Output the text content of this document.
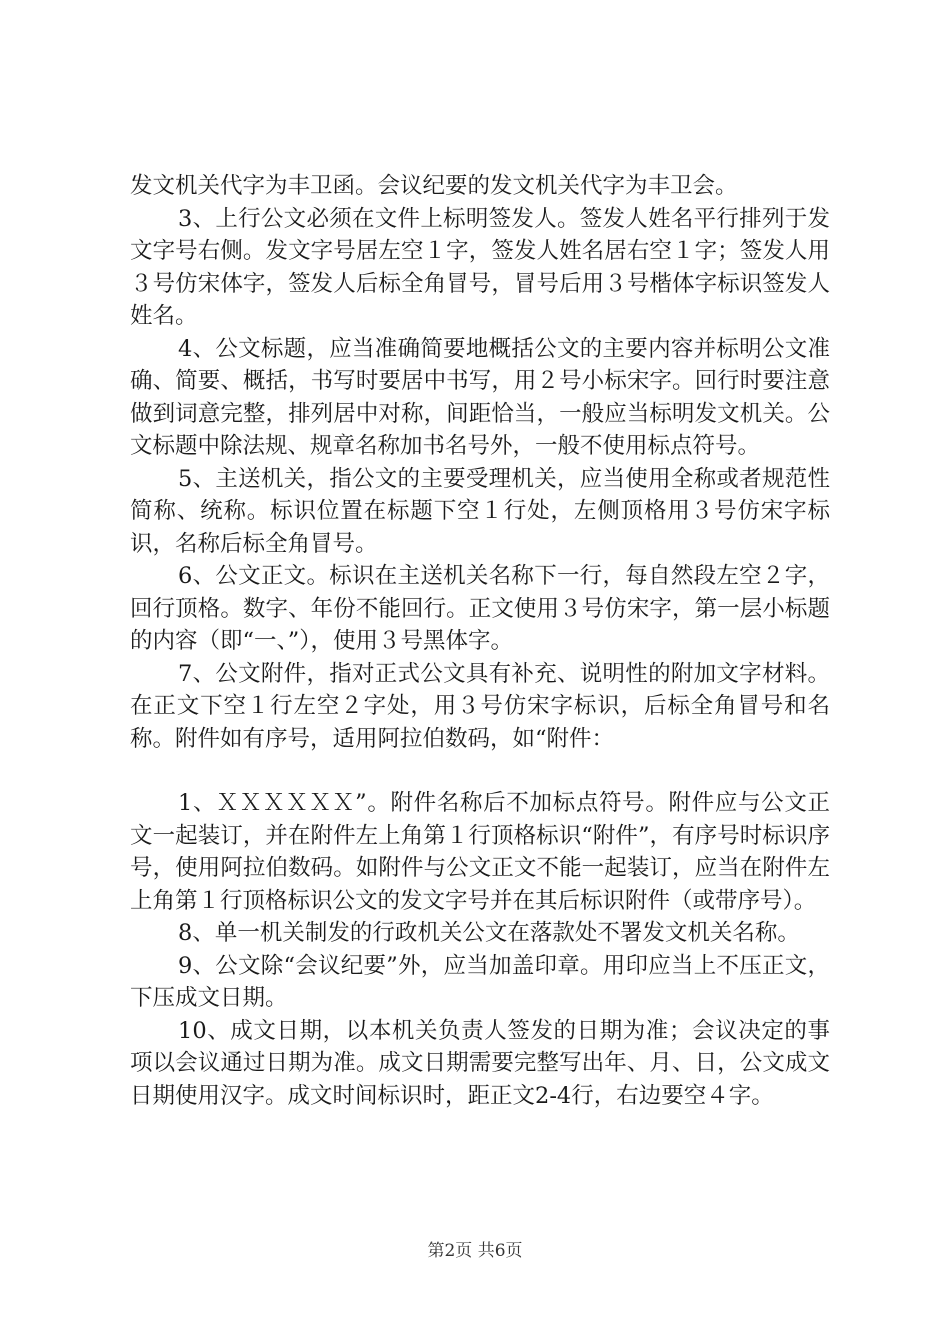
发文机关代字为丰卫函。会议纪要的发文机关代字为丰卫会。

3、上行公文必须在文件上标明签发人。签发人姓名平行排列于发文字号右侧。发文字号居左空１字，签发人姓名居右空１字；签发人用３号仿宋体字，签发人后标全角冒号，冒号后用３号楷体字标识签发人姓名。

4、公文标题，应当准确简要地概括公文的主要内容并标明公文准确、简要、概括，书写时要居中书写，用２号小标宋字。回行时要注意做到词意完整，排列居中对称，间距恰当，一般应当标明发文机关。公文标题中除法规、规章名称加书名号外，一般不使用标点符号。

5、主送机关，指公文的主要受理机关，应当使用全称或者规范性简称、统称。标识位置在标题下空１行处，左侧顶格用３号仿宋字标识，名称后标全角冒号。

6、公文正文。标识在主送机关名称下一行，每自然段左空２字，回行顶格。数字、年份不能回行。正文使用３号仿宋字，第一层小标题的内容（即“一、”），使用３号黑体字。

7、公文附件，指对正式公文具有补充、说明性的附加文字材料。在正文下空１行左空２字处，用３号仿宋字标识，后标全角冒号和名称。附件如有序号，适用阿拉伯数码，如“附件：

1、ＸＸＸＸＸＸ”。附件名称后不加标点符号。附件应与公文正文一起装订，并在附件左上角第１行顶格标识“附件”，有序号时标识序号，使用阿拉伯数码。如附件与公文正文不能一起装订，应当在附件左上角第１行顶格标识公文的发文字号并在其后标识附件（或带序号）。

8、单一机关制发的行政机关公文在落款处不署发文机关名称。

9、公文除“会议纪要”外，应当加盖印章。用印应当上不压正文，下压成文日期。

10、成文日期，以本机关负责人签发的日期为准；会议决定的事项以会议通过日期为准。成文日期需要完整写出年、月、日，公文成文日期使用汉字。成文时间标识时，距正文2-4行，右边要空４字。

第2页 共6页
